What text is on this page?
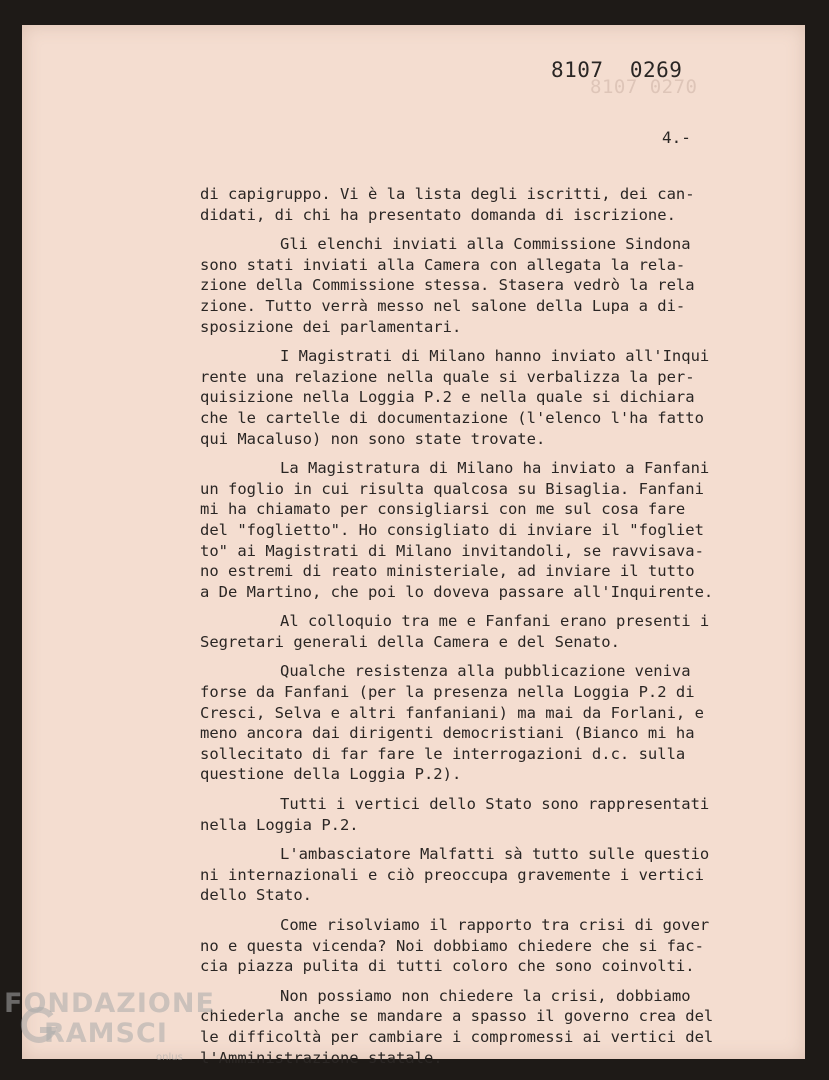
8107 0269
8107 0270
4.-
di capigruppo. Vi è la lista degli iscritti, dei can-
didati, di chi ha presentato domanda di iscrizione.
Gli elenchi inviati alla Commissione Sindona
sono stati inviati alla Camera con allegata la rela-
zione della Commissione stessa. Stasera vedrò la rela
zione. Tutto verrà messo nel salone della Lupa a di-
sposizione dei parlamentari.
I Magistrati di Milano hanno inviato all'Inqui
rente una relazione nella quale si verbalizza la per-
quisizione nella Loggia P.2 e nella quale si dichiara
che le cartelle di documentazione (l'elenco l'ha fatto
qui Macaluso) non sono state trovate.
La Magistratura di Milano ha inviato a Fanfani
un foglio in cui risulta qualcosa su Bisaglia. Fanfani
mi ha chiamato per consigliarsi con me sul cosa fare
del "foglietto". Ho consigliato di inviare il "fogliet
to" ai Magistrati di Milano invitandoli, se ravvisava-
no estremi di reato ministeriale, ad inviare il tutto
a De Martino, che poi lo doveva passare all'Inquirente.
Al colloquio tra me e Fanfani erano presenti i
Segretari generali della Camera e del Senato.
Qualche resistenza alla pubblicazione veniva
forse da Fanfani (per la presenza nella Loggia P.2 di
Cresci, Selva e altri fanfaniani) ma mai da Forlani, e
meno ancora dai dirigenti democristiani (Bianco mi ha
sollecitato di far fare le interrogazioni d.c. sulla
questione della Loggia P.2).
Tutti i vertici dello Stato sono rappresentati
nella Loggia P.2.
L'ambasciatore Malfatti sà tutto sulle questio
ni internazionali e ciò preoccupa gravemente i vertici
dello Stato.
Come risolviamo il rapporto tra crisi di gover
no e questa vicenda? Noi dobbiamo chiedere che si fac-
cia piazza pulita di tutti coloro che sono coinvolti.
Non possiamo non chiedere la crisi, dobbiamo
chiederla anche se mandare a spasso il governo crea del
le difficoltà per cambiare i compromessi ai vertici del
l'Amministrazione statale.
FONDAZIONE
RAMSCI
onlus
